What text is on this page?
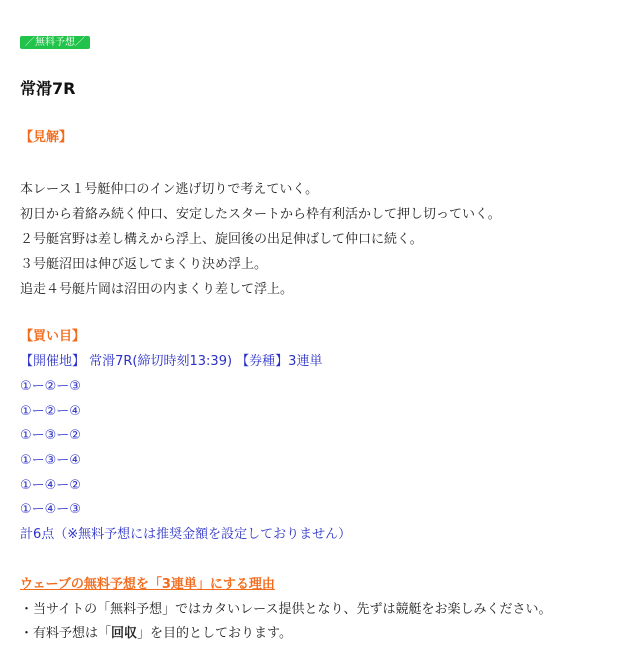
／無料予想／
常滑7R
【見解】
本レース１号艇仲口のイン逃げ切りで考えていく。
初日から着絡み続く仲口、安定したスタートから枠有利活かして押し切っていく。
２号艇宮野は差し構えから浮上、旋回後の出足伸ばして仲口に続く。
３号艇沼田は伸び返してまくり決め浮上。
追走４号艇片岡は沼田の内まくり差して浮上。
【買い目】
【開催地】 常滑7R(締切時刻13:39) 【券種】3連単
①ー②ー③
①ー②ー④
①ー③ー②
①ー③ー④
①ー④ー②
①ー④ー③
計6点（※無料予想には推奨金額を設定しておりません）
ウェーブの無料予想を「3連単」にする理由
・当サイトの「無料予想」ではカタいレース提供となり、先ずは競艇をお楽しみください。
・有料予想は「回収」を目的としております。
